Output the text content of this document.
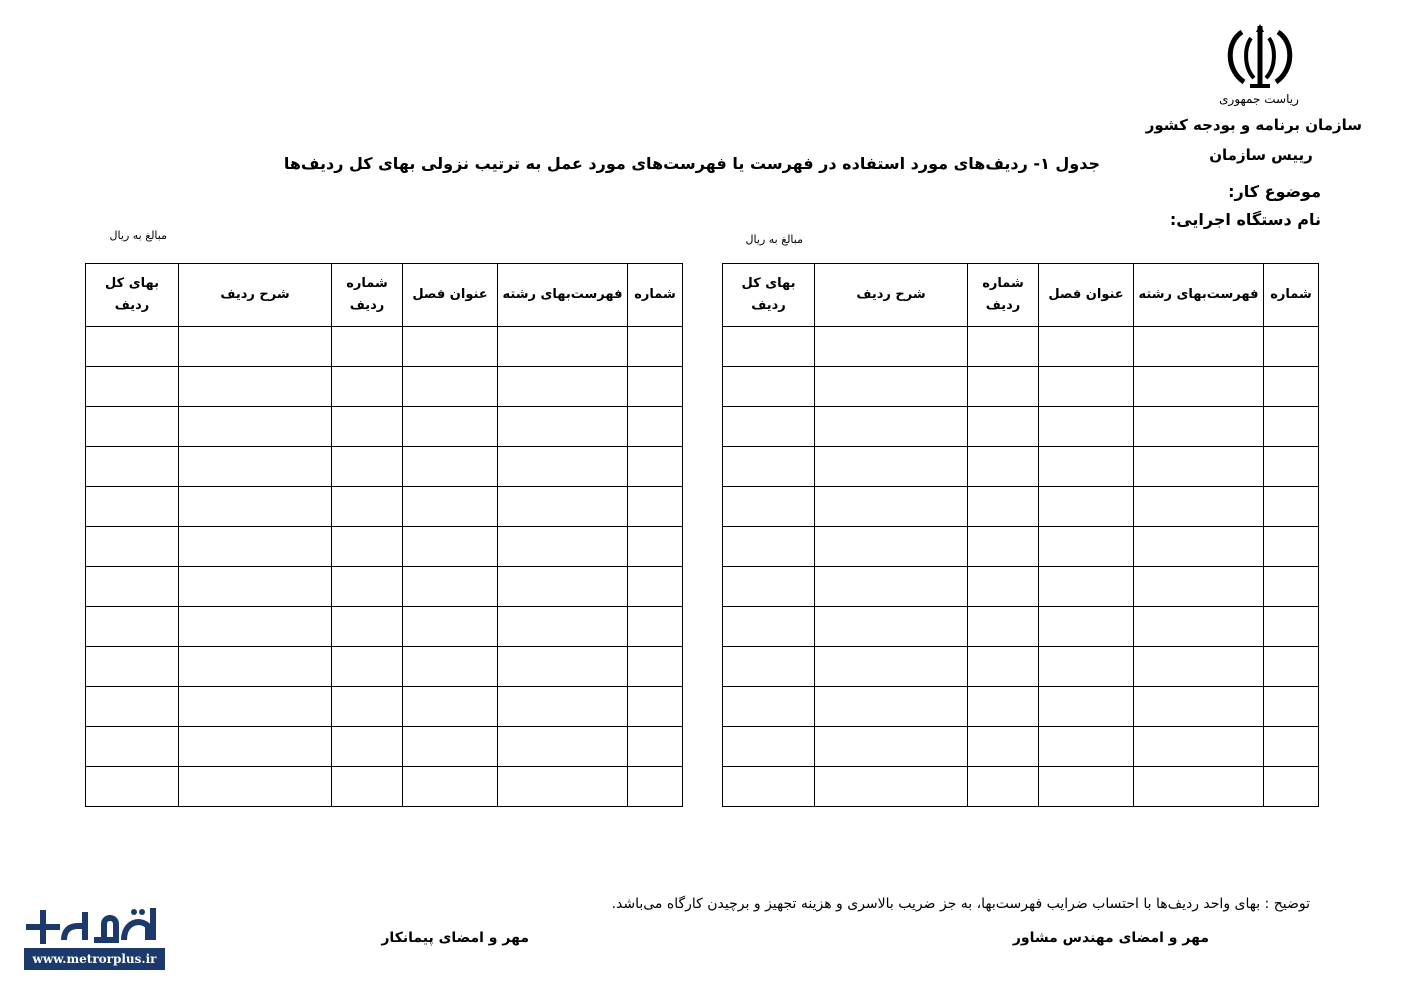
ریاست جمهوری
سازمان برنامه و بودجه کشور
رییس سازمان
موضوع کار:
نام دستگاه اجرایی:
جدول ۱- ردیف‌های مورد استفاده در فهرست یا فهرست‌های مورد عمل به ترتیب نزولی بهای کل ردیف‌ها
مبالغ به ریال
مبالغ به ریال
شماره	فهرست‌بهای رشته	عنوان فصل	شماره ردیف	شرح ردیف	بهای کل ردیف

شماره	فهرست‌بهای رشته	عنوان فصل	شماره ردیف	شرح ردیف	بهای کل ردیف

توضیح : بهای واحد ردیف‌ها با احتساب ضرایب فهرست‌بها، به جز ضریب بالاسری و هزینه تجهیز و برچیدن کارگاه می‌باشد.
مهر و امضای مهندس مشاور
مهر و امضای پیمانکار
www.metrorplus.ir
